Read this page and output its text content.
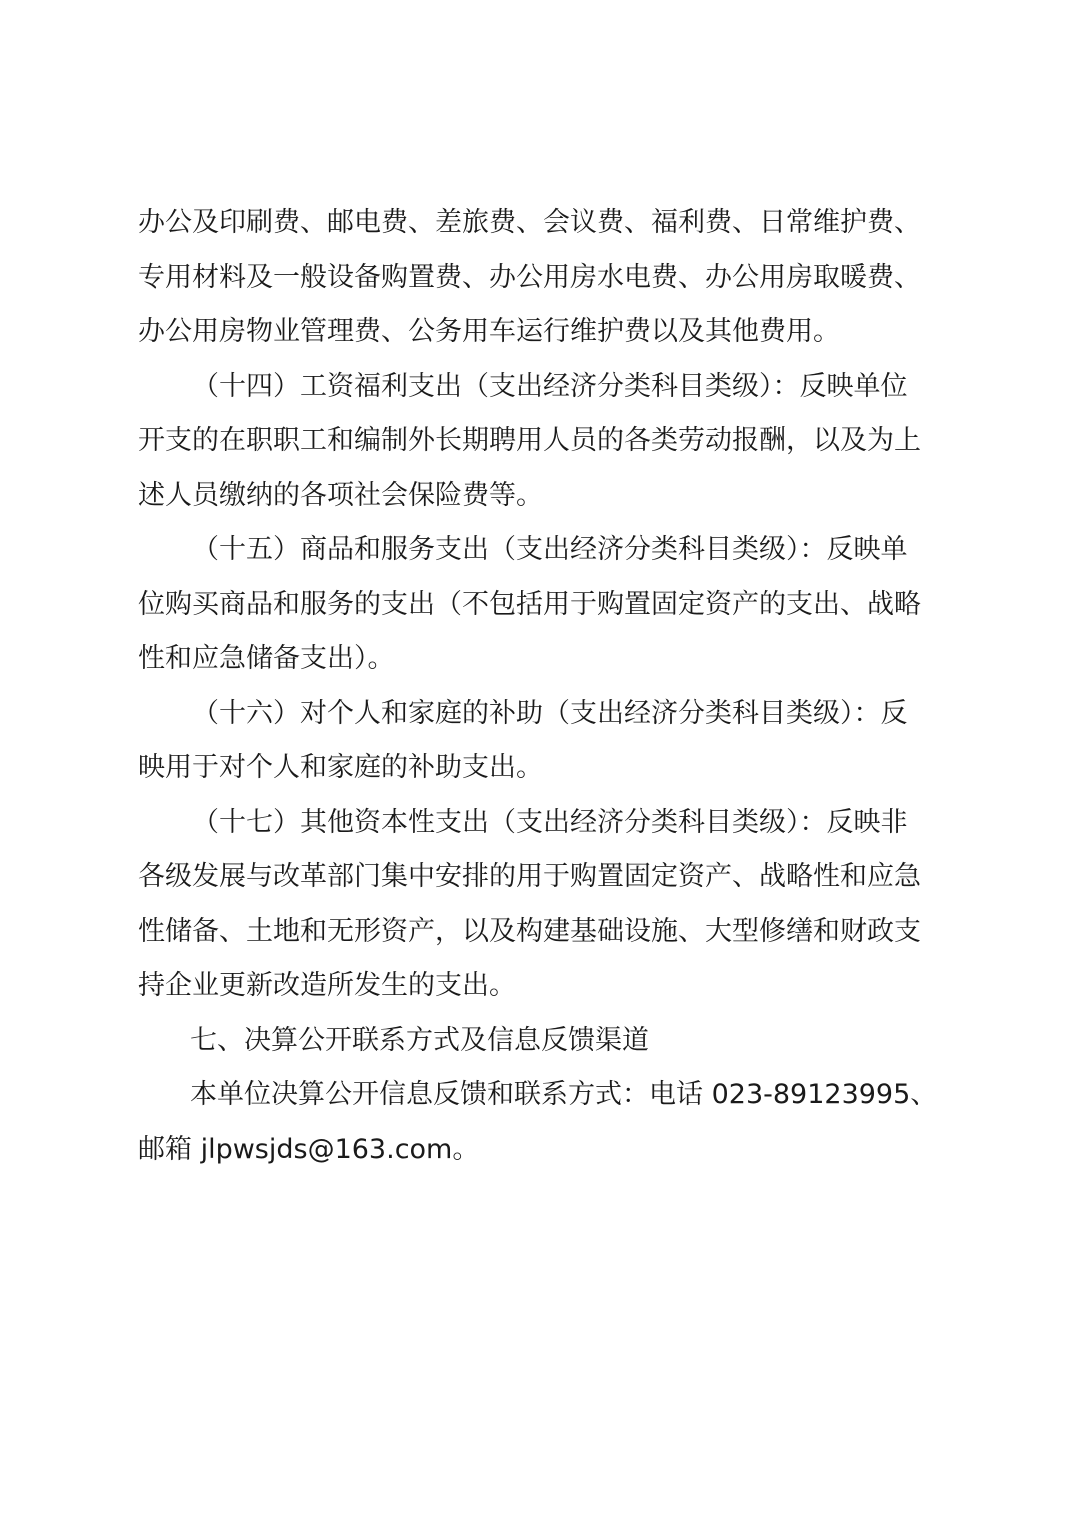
办公及印刷费、邮电费、差旅费、会议费、福利费、日常维护费、
专用材料及一般设备购置费、办公用房水电费、办公用房取暖费、
办公用房物业管理费、公务用车运行维护费以及其他费用。
（十四）工资福利支出（支出经济分类科目类级）：反映单位
开支的在职职工和编制外长期聘用人员的各类劳动报酬，以及为上
述人员缴纳的各项社会保险费等。
（十五）商品和服务支出（支出经济分类科目类级）：反映单
位购买商品和服务的支出（不包括用于购置固定资产的支出、战略
性和应急储备支出）。
（十六）对个人和家庭的补助（支出经济分类科目类级）：反
映用于对个人和家庭的补助支出。
（十七）其他资本性支出（支出经济分类科目类级）：反映非
各级发展与改革部门集中安排的用于购置固定资产、战略性和应急
性储备、土地和无形资产，以及构建基础设施、大型修缮和财政支
持企业更新改造所发生的支出。
七、决算公开联系方式及信息反馈渠道
本单位决算公开信息反馈和联系方式：电话 023-89123995、
邮箱 jlpwsjds@163.com。
